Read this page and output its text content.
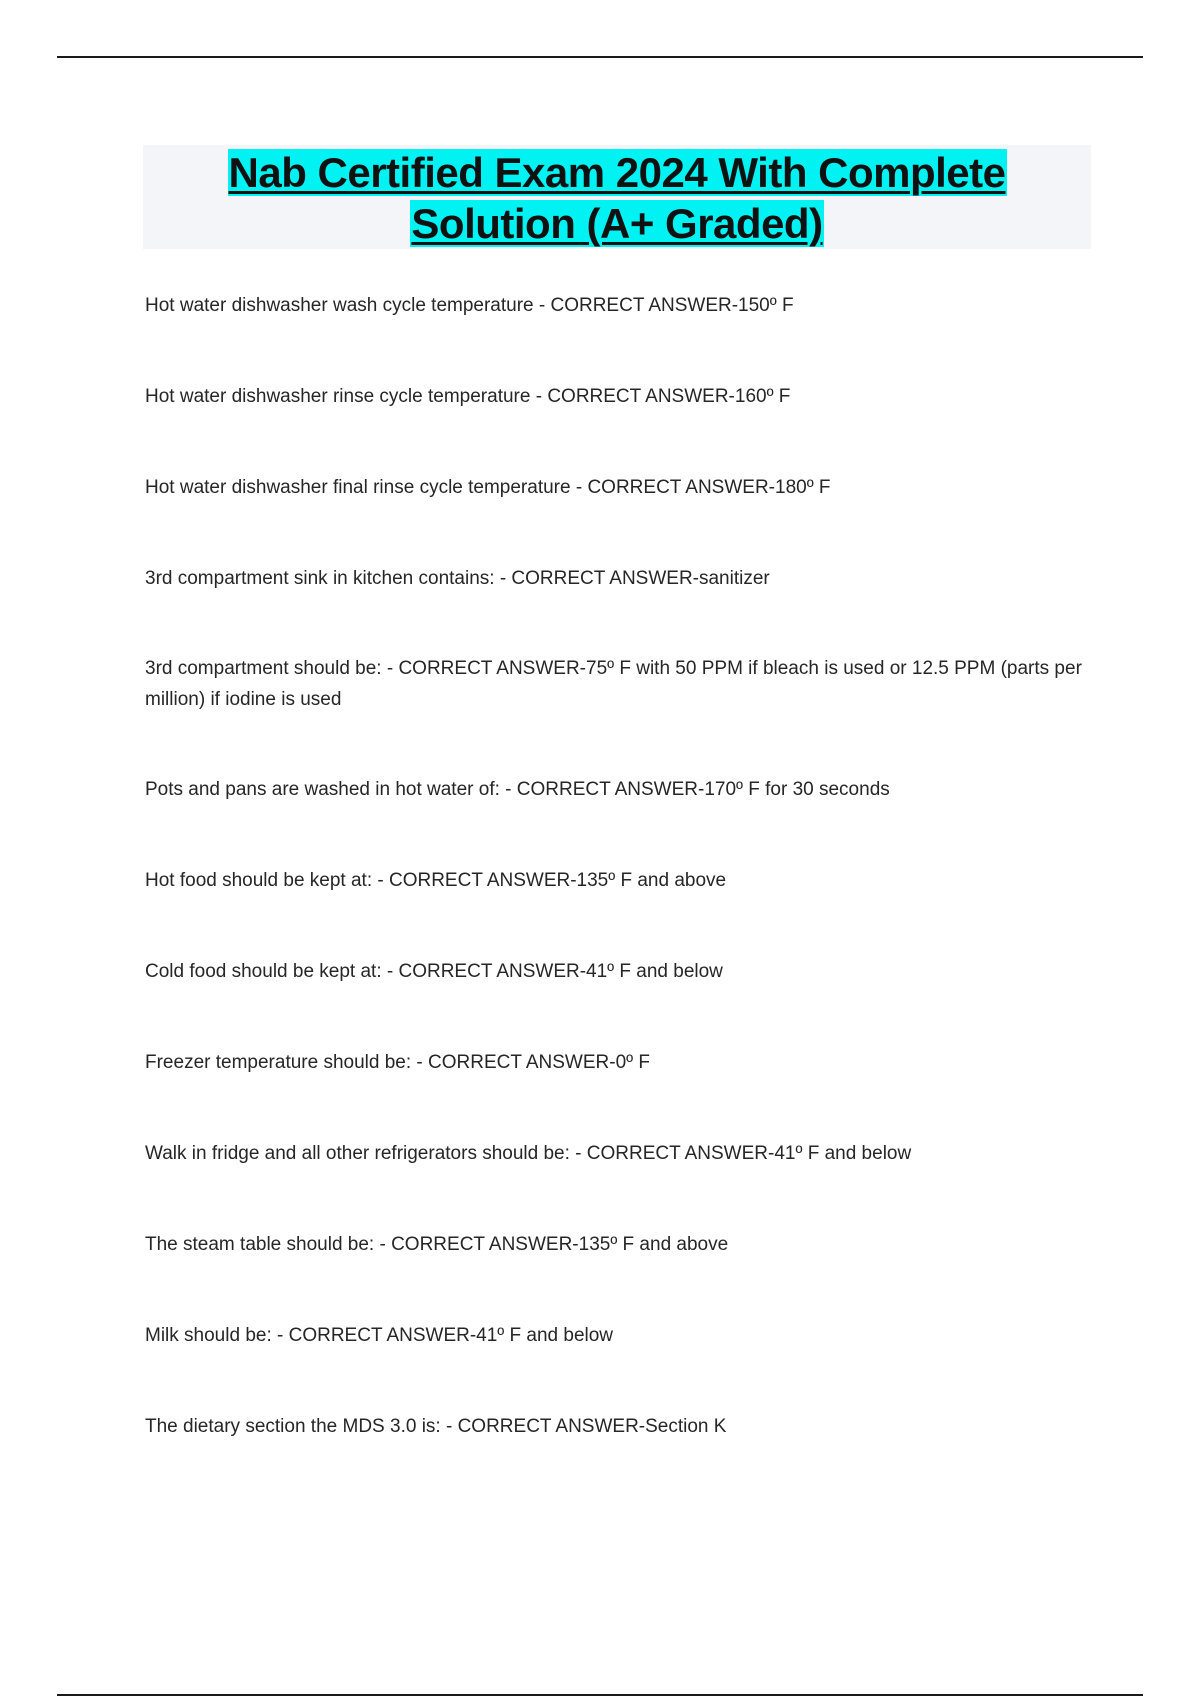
Nab Certified Exam 2024 With Complete
Solution (A+ Graded)
Hot water dishwasher wash cycle temperature - CORRECT ANSWER-150º F
Hot water dishwasher rinse cycle temperature - CORRECT ANSWER-160º F
Hot water dishwasher final rinse cycle temperature - CORRECT ANSWER-180º F
3rd compartment sink in kitchen contains: - CORRECT ANSWER-sanitizer
3rd compartment should be: - CORRECT ANSWER-75º F with 50 PPM if bleach is used or 12.5 PPM (parts per million) if iodine is used
Pots and pans are washed in hot water of: - CORRECT ANSWER-170º F for 30 seconds
Hot food should be kept at: - CORRECT ANSWER-135º F and above
Cold food should be kept at: - CORRECT ANSWER-41º F and below
Freezer temperature should be: - CORRECT ANSWER-0º F
Walk in fridge and all other refrigerators should be: - CORRECT ANSWER-41º F and below
The steam table should be: - CORRECT ANSWER-135º F and above
Milk should be: - CORRECT ANSWER-41º F and below
The dietary section the MDS 3.0 is: - CORRECT ANSWER-Section K
